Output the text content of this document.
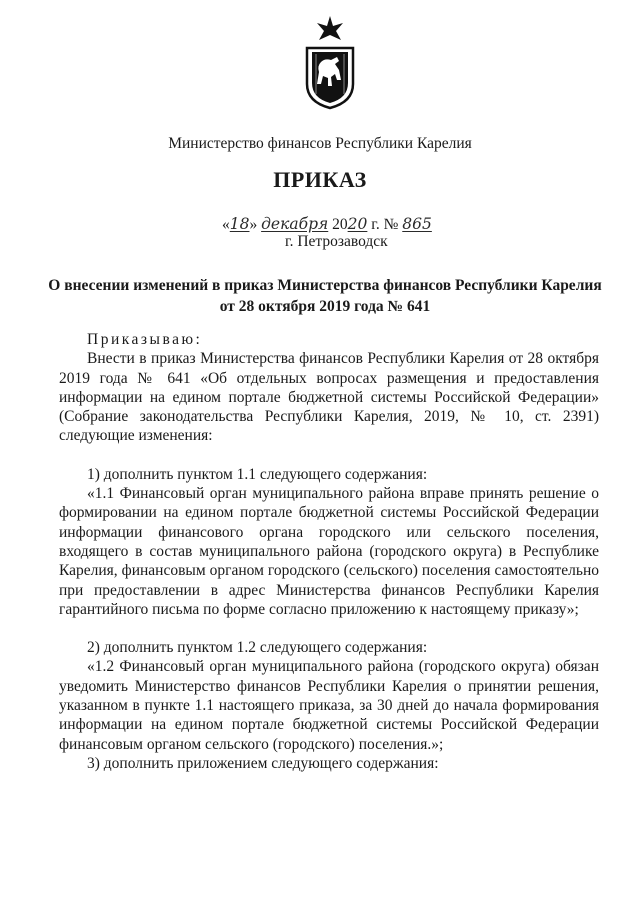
Министерство финансов Республики Карелия
ПРИКАЗ
«18» декабря 2020 г. № 865
г. Петрозаводск
О внесении изменений в приказ Министерства финансов Республики Карелия
от 28 октября 2019 года № 641

Приказываю:

Внести в приказ Министерства финансов Республики Карелия от 28 октября 2019 года № 641 «Об отдельных вопросах размещения и предоставления информации на едином портале бюджетной системы Российской Федерации» (Собрание законодательства Республики Карелия, 2019, № 10, ст. 2391) следующие изменения:

1) дополнить пунктом 1.1 следующего содержания:

«1.1 Финансовый орган муниципального района вправе принять решение о формировании на едином портале бюджетной системы Российской Федерации информации финансового органа городского или сельского поселения, входящего в состав муниципального района (городского округа) в Республике Карелия, финансовым органом городского (сельского) поселения самостоятельно при предоставлении в адрес Министерства финансов Республики Карелия гарантийного письма по форме согласно приложению к настоящему приказу»;

2) дополнить пунктом 1.2 следующего содержания:

«1.2 Финансовый орган муниципального района (городского округа) обязан уведомить Министерство финансов Республики Карелия о принятии решения, указанном в пункте 1.1 настоящего приказа, за 30 дней до начала формирования информации на едином портале бюджетной системы Российской Федерации финансовым органом сельского (городского) поселения.»;

3) дополнить приложением следующего содержания:
